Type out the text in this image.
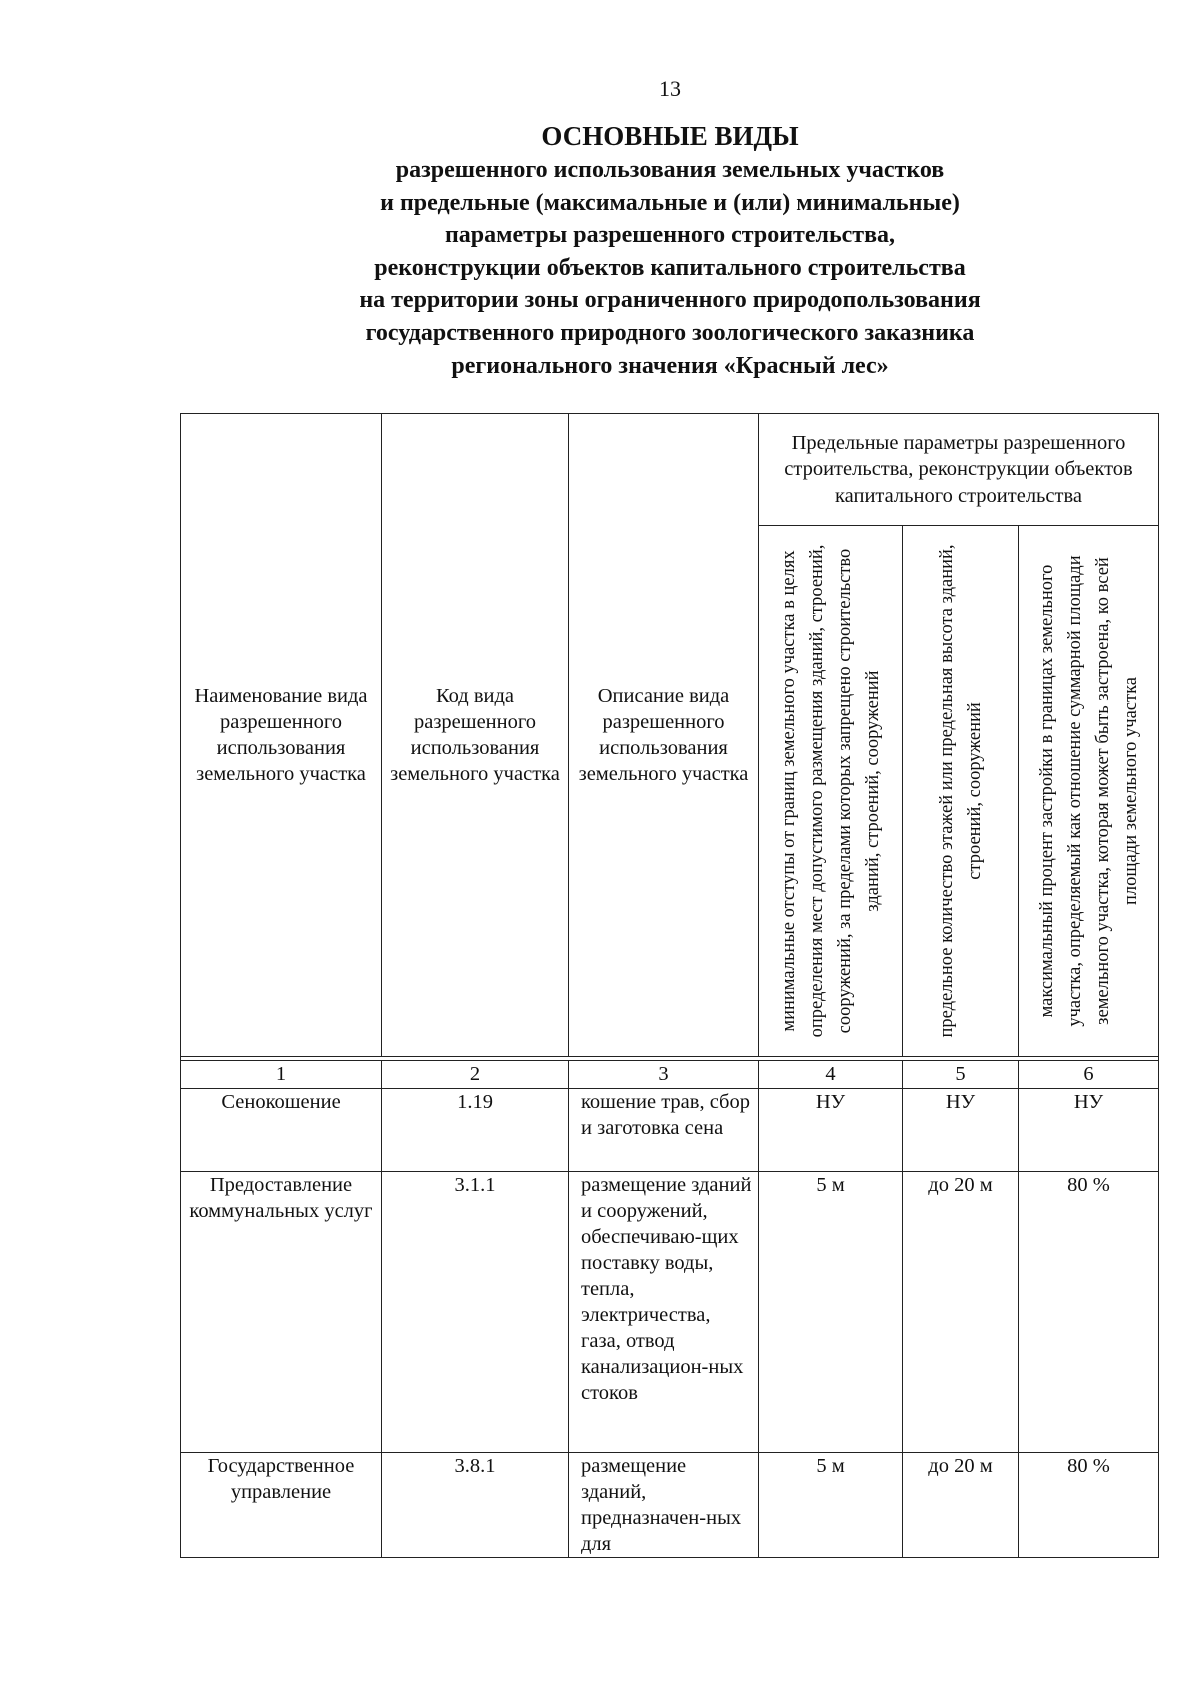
13

ОСНОВНЫЕ ВИДЫ

разрешенного использования земельных участков

и предельные (максимальные и (или) минимальные)

параметры разрешенного строительства,

реконструкции объектов капитального строительства

на территории зоны ограниченного природопользования

государственного природного зоологического заказника

регионального значения «Красный лес»

Наименование вида разрешенного использования земельного участка	Код вида разрешенного использования земельного участка	Описание вида разрешенного использования земельного участка	Предельные параметры разрешенного строительства, реконструкции объектов капитального строительства		

			минимальные отступы от границ земельного участка в целях определения мест допустимого размещения зданий, строений, сооружений, за пределами которых запрещено строительство зданий, строений, сооружений	предельное количество этажей или предельная высота зданий, строений, сооружений	максимальный процент застройки в границах земельного участка, определяемый как отношение суммарной площади земельного участка, которая может быть застроена, ко всей площади земельного участка

1	2	3	4	5	6
Сенокошение	1.19	кошение трав, сбор и заготовка сена	НУ	НУ	НУ
Предоставление коммунальных услуг	3.1.1	размещение зданий и сооружений, обеспечиваю-щих поставку воды, тепла, электричества, газа, отвод канализацион-ных стоков	5 м	до 20 м	80 %
Государственное управление	3.8.1	размещение зданий, предназначен-ных для	5 м	до 20 м	80 %
